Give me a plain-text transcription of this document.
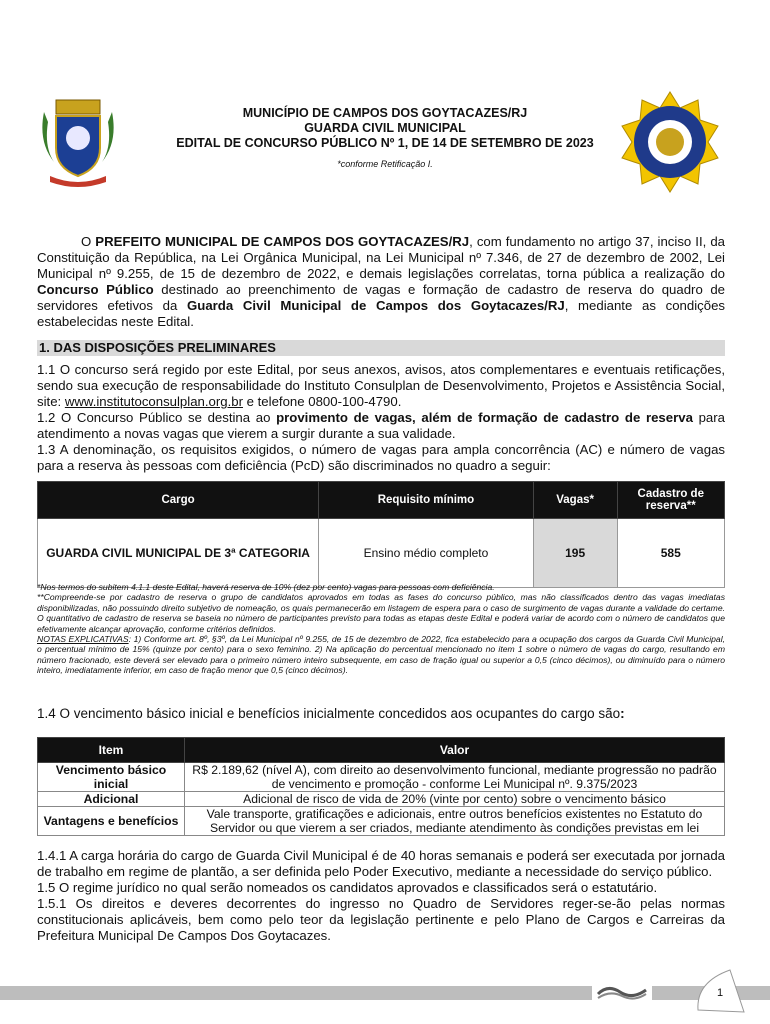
MUNICÍPIO DE CAMPOS DOS GOYTACAZES/RJ
GUARDA CIVIL MUNICIPAL
EDITAL DE CONCURSO PÚBLICO Nº 1, DE 14 DE SETEMBRO DE 2023
*conforme Retificação I.

O PREFEITO MUNICIPAL DE CAMPOS DOS GOYTACAZES/RJ, com fundamento no artigo 37, inciso II, da Constituição da República, na Lei Orgânica Municipal, na Lei Municipal nº 7.346, de 27 de dezembro de 2002, Lei Municipal nº 9.255, de 15 de dezembro de 2022, e demais legislações correlatas, torna pública a realização do Concurso Público destinado ao preenchimento de vagas e formação de cadastro de reserva do quadro de servidores efetivos da Guarda Civil Municipal de Campos dos Goytacazes/RJ, mediante as condições estabelecidas neste Edital.

1. DAS DISPOSIÇÕES PRELIMINARES

1.1 O concurso será regido por este Edital, por seus anexos, avisos, atos complementares e eventuais retificações, sendo sua execução de responsabilidade do Instituto Consulplan de Desenvolvimento, Projetos e Assistência Social, site: www.institutoconsulplan.org.br e telefone 0800-100-4790.

1.2 O Concurso Público se destina ao provimento de vagas, além de formação de cadastro de reserva para atendimento a novas vagas que vierem a surgir durante a sua validade.

1.3 A denominação, os requisitos exigidos, o número de vagas para ampla concorrência (AC) e número de vagas para a reserva às pessoas com deficiência (PcD) são discriminados no quadro a seguir:

Cargo	Requisito mínimo	Vagas*	Cadastro de reserva**
GUARDA CIVIL MUNICIPAL DE 3ª CATEGORIA	Ensino médio completo	195	585

*Nos termos do subitem 4.1.1 deste Edital, haverá reserva de 10% (dez por cento) vagas para pessoas com deficiência.

**Compreende-se por cadastro de reserva o grupo de candidatos aprovados em todas as fases do concurso público, mas não classificados dentro das vagas imediatas disponibilizadas, não possuindo direito subjetivo de nomeação, os quais permanecerão em listagem de espera para o caso de surgimento de vagas durante a validade do certame. O quantitativo de cadastro de reserva se baseia no número de participantes previsto para todas as etapas deste Edital e poderá variar de acordo com o número de candidatos que efetivamente alcançar aprovação, conforme critérios definidos.

NOTAS EXPLICATIVAS: 1) Conforme art. 8º, §3º, da Lei Municipal nº 9.255, de 15 de dezembro de 2022, fica estabelecido para a ocupação dos cargos da Guarda Civil Municipal, o percentual mínimo de 15% (quinze por cento) para o sexo feminino. 2) Na aplicação do percentual mencionado no item 1 sobre o número de vagas do cargo, resultando em número fracionado, este deverá ser elevado para o primeiro número inteiro subsequente, em caso de fração igual ou superior a 0,5 (cinco décimos), ou diminuído para o número inteiro, imediatamente inferior, em caso de fração menor que 0,5 (cinco décimos).

1.4 O vencimento básico inicial e benefícios inicialmente concedidos aos ocupantes do cargo são:

Item	Valor
Vencimento básico inicial	R$ 2.189,62 (nível A), com direito ao desenvolvimento funcional, mediante progressão no padrão de vencimento e promoção - conforme Lei Municipal nº. 9.375/2023
Adicional	Adicional de risco de vida de 20% (vinte por cento) sobre o vencimento básico
Vantagens e benefícios	Vale transporte, gratificações e adicionais, entre outros benefícios existentes no Estatuto do Servidor ou que vierem a ser criados, mediante atendimento às condições previstas em lei

1.4.1 A carga horária do cargo de Guarda Civil Municipal é de 40 horas semanais e poderá ser executada por jornada de trabalho em regime de plantão, a ser definida pelo Poder Executivo, mediante a necessidade do serviço público.

1.5 O regime jurídico no qual serão nomeados os candidatos aprovados e classificados será o estatutário.

1.5.1 Os direitos e deveres decorrentes do ingresso no Quadro de Servidores reger-se-ão pelas normas constitucionais aplicáveis, bem como pelo teor da legislação pertinente e pelo Plano de Cargos e Carreiras da Prefeitura Municipal De Campos Dos Goytacazes.

1
